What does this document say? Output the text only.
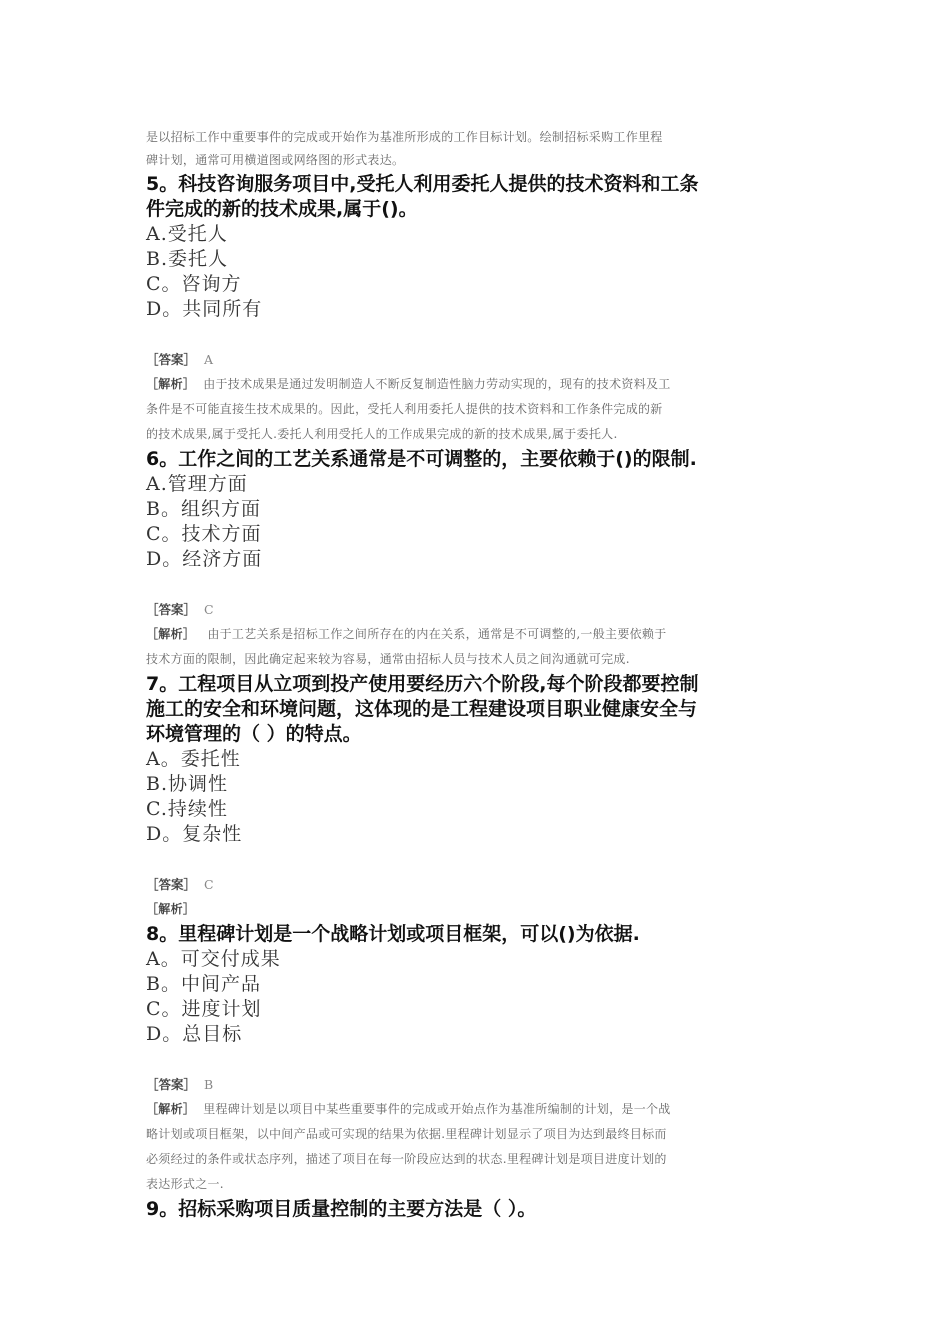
是以招标工作中重要事件的完成或开始作为基准所形成的工作目标计划。绘制招标采购工作里程
碑计划，通常可用横道图或网络图的形式表达。
5。科技咨询服务项目中,受托人利用委托人提供的技术资料和工条
件完成的新的技术成果,属于()。
A.受托人
B.委托人
C。咨询方
D。共同所有
［答案］ A
［解析］ 由于技术成果是通过发明制造人不断反复制造性脑力劳动实现的，现有的技术资料及工
条件是不可能直接生技术成果的。因此，受托人利用委托人提供的技术资料和工作条件完成的新
的技术成果,属于受托人.委托人利用受托人的工作成果完成的新的技术成果,属于委托人.
6。工作之间的工艺关系通常是不可调整的，主要依赖于()的限制.
A.管理方面
B。组织方面
C。技术方面
D。经济方面
［答案］ C
［解析］ 由于工艺关系是招标工作之间所存在的内在关系，通常是不可调整的,一般主要依赖于
技术方面的限制，因此确定起来较为容易，通常由招标人员与技术人员之间沟通就可完成.
7。工程项目从立项到投产使用要经历六个阶段,每个阶段都要控制
施工的安全和环境问题，这体现的是工程建设项目职业健康安全与
环境管理的（ ）的特点。
A。委托性
B.协调性
C.持续性
D。复杂性
［答案］ C
［解析］
8。里程碑计划是一个战略计划或项目框架，可以()为依据.
A。可交付成果
B。中间产品
C。进度计划
D。总目标
［答案］ B
［解析］ 里程碑计划是以项目中某些重要事件的完成或开始点作为基准所编制的计划，是一个战
略计划或项目框架，以中间产品或可实现的结果为依据.里程碑计划显示了项目为达到最终目标而
必须经过的条件或状态序列，描述了项目在每一阶段应达到的状态.里程碑计划是项目进度计划的
表达形式之一.
9。招标采购项目质量控制的主要方法是（ ）。
